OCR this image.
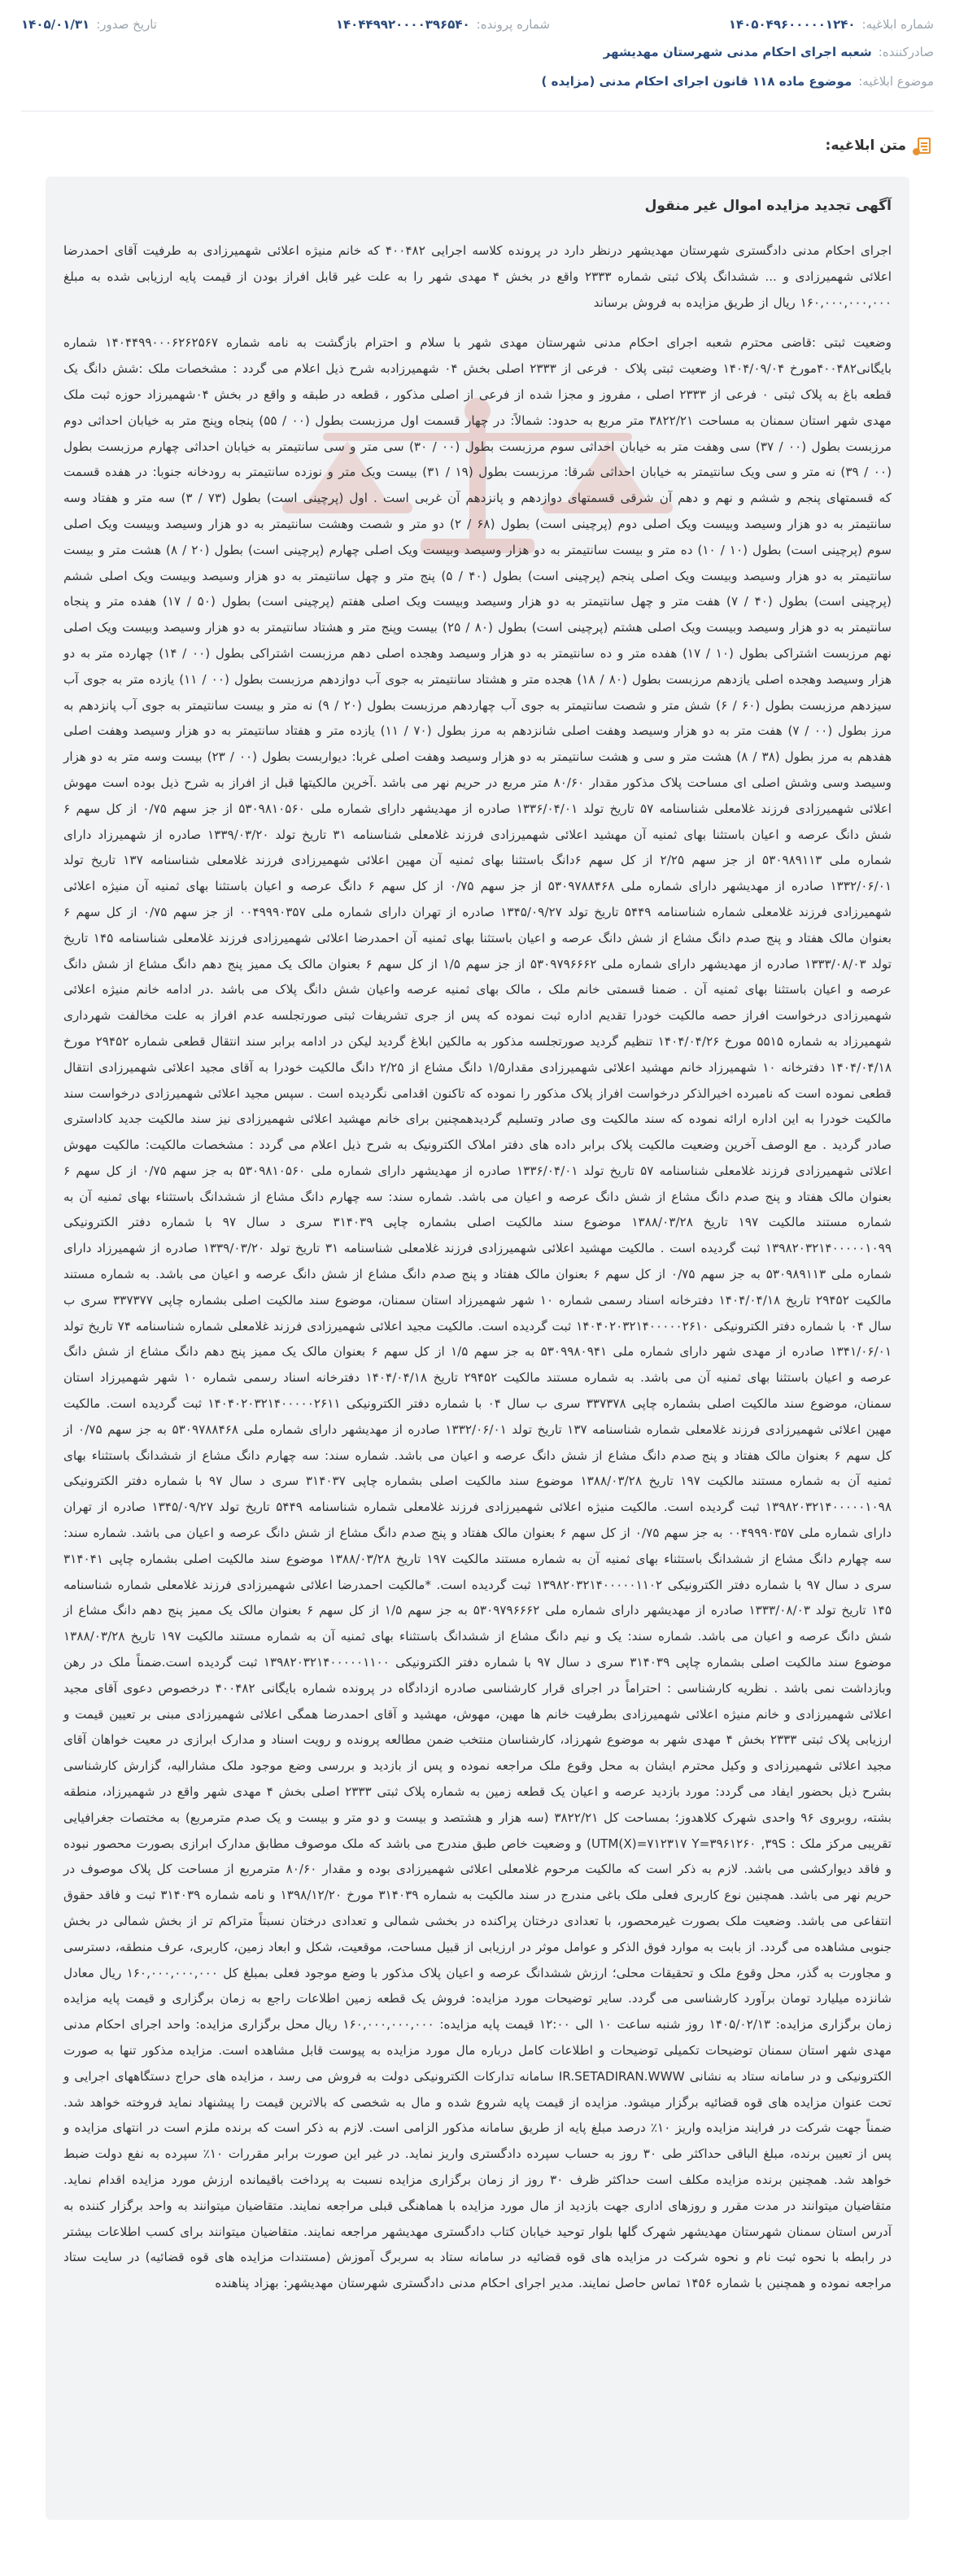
شماره ابلاغیه:
۱۴۰۵۰۴۹۶۰۰۰۰۰۱۲۴۰
شماره پرونده:
۱۴۰۴۴۹۹۲۰۰۰۰۳۹۶۵۴۰
تاریخ صدور:
۱۴۰۵/۰۱/۳۱
صادرکننده:
شعبه اجرای احکام مدنی شهرستان مهدیشهر
موضوع ابلاغیه:
موضوع ماده ۱۱۸ قانون اجرای احکام مدنی (مزایده )
متن ابلاغیه:
آگهی تجدید مزایده اموال غیر منقول

اجرای احکام مدنی دادگستری شهرستان مهدیشهر درنظر دارد در پرونده کلاسه اجرایی ۴۰۰۴۸۲ که خانم منیژه اعلائی شهمیرزادی به طرفیت آقای احمدرضا اعلائی شهمیرزادی و ... ششدانگ پلاک ثبتی شماره ۲۳۳۳ واقع در بخش ۴ مهدی شهر را به علت غیر قابل افراز بودن از قیمت پایه ارزیابی شده به مبلغ ۱۶۰,۰۰۰,۰۰۰,۰۰۰ ریال از طریق مزایده به فروش برساند

وضعیت ثبتی :قاضی محترم شعبه اجرای احکام مدنی شهرستان مهدی شهر با سلام و احترام بازگشت به نامه شماره ۱۴۰۴۴۹۹۰۰۰۶۲۶۲۵۶۷ شماره بایگانی۴۰۰۴۸۲مورخ ۱۴۰۴/۰۹/۰۴ وضعیت ثبتی پلاک ۰ فرعی از ۲۳۳۳ اصلی بخش ۰۴ شهمیرزادبه شرح ذیل اعلام می گردد : مشخصات ملک :شش دانگ یک قطعه باغ به پلاک ثبتی ۰ فرعی از ۲۳۳۳ اصلی ، مفروز و مجزا شده از فرعی از اصلی مذکور ، قطعه در طبقه و واقع در بخش ۰۴شهمیرزاد حوزه ثبت ملک مهدی شهر استان سمنان به مساحت ۳۸۲۲/۲۱ متر مربع به حدود: شمالاً: در چهار قسمت اول مرزبست بطول (۰۰ / ۵۵) پنجاه وپنج متر به خیابان احداثی دوم مرزبست بطول (۰۰ / ۳۷) سی وهفت متر به خیابان احداثی سوم مرزبست بطول (۰۰ / ۳۰) سی متر و سی سانتیمتر به خیابان احداثی چهارم مرزبست بطول (۰۰ / ۳۹) نه متر و سی ویک سانتیمتر به خیابان احداثی شرقا: مرزبست بطول (۱۹ / ۳۱) بیست ویک متر و نوزده سانتیمتر به رودخانه جنوبا: در هفده قسمت که قسمتهای پنجم و ششم و نهم و دهم آن شرقی قسمتهای دوازدهم و پانزدهم آن غربی است . اول (پرچینی است) بطول (۷۳ / ۳) سه متر و هفتاد وسه سانتیمتر به دو هزار وسیصد وبیست ویک اصلی دوم (پرچینی است) بطول (۶۸ / ۲) دو متر و شصت وهشت سانتیمتر به دو هزار وسیصد وبیست ویک اصلی سوم (پرچینی است) بطول (۱۰ / ۱۰) ده متر و بیست سانتیمتر به دو هزار وسیصد وبیست ویک اصلی چهارم (پرچینی است) بطول (۲۰ / ۸) هشت متر و بیست سانتیمتر به دو هزار وسیصد وبیست ویک اصلی پنجم (پرچینی است) بطول (۴۰ / ۵) پنج متر و چهل سانتیمتر به دو هزار وسیصد وبیست ویک اصلی ششم (پرچینی است) بطول (۴۰ / ۷) هفت متر و چهل سانتیمتر به دو هزار وسیصد وبیست ویک اصلی هفتم (پرچینی است) بطول (۵۰ / ۱۷) هفده متر و پنجاه سانتیمتر به دو هزار وسیصد وبیست ویک اصلی هشتم (پرچینی است) بطول (۸۰ / ۲۵) بیست وپنج متر و هشتاد سانتیمتر به دو هزار وسیصد وبیست ویک اصلی نهم مرزبست اشتراکی بطول (۱۰ / ۱۷) هفده متر و ده سانتیمتر به دو هزار وسیصد وهجده اصلی دهم مرزبست اشتراکی بطول (۰۰ / ۱۴) چهارده متر به دو هزار وسیصد وهجده اصلی یازدهم مرزبست بطول (۸۰ / ۱۸) هجده متر و هشتاد سانتیمتر به جوی آب دوازدهم مرزبست بطول (۰۰ / ۱۱) یازده متر به جوی آب سیزدهم مرزبست بطول (۶۰ / ۶) شش متر و شصت سانتیمتر به جوی آب چهاردهم مرزبست بطول (۲۰ / ۹) نه متر و بیست سانتیمتر به جوی آب پانزدهم به مرز بطول (۰۰ / ۷) هفت متر به دو هزار وسیصد وهفت اصلی شانزدهم به مرز بطول (۷۰ / ۱۱) یازده متر و هفتاد سانتیمتر به دو هزار وسیصد وهفت اصلی هفدهم به مرز بطول (۳۸ / ۸) هشت متر و سی و هشت سانتیمتر به دو هزار وسیصد وهفت اصلی غربا: دیواربست بطول (۰۰ / ۲۳) بیست وسه متر به دو هزار وسیصد وسی وشش اصلی ای مساحت پلاک مذکور مقدار ۸۰/۶۰ متر مربع در حریم نهر می باشد .آخرین مالکیتها قبل از افراز به شرح ذیل بوده است مهوش اعلائی شهمیرزادی فرزند غلامعلی شناسنامه ۵۷ تاریخ تولد ۱۳۳۶/۰۴/۰۱ صادره از مهدیشهر دارای شماره ملی ۵۳۰۹۸۱۰۵۶۰ از جز سهم ۰/۷۵ از کل سهم ۶ شش دانگ عرصه و اعیان باستثنا بهای ثمنیه آن مهشید اعلائی شهمیرزادی فرزند غلامعلی شناسنامه ۳۱ تاریخ تولد ۱۳۳۹/۰۳/۲۰ صادره از شهمیرزاد دارای شماره ملی ۵۳۰۹۸۹۱۱۳ از جز سهم ۲/۲۵ از کل سهم ۶دانگ باستثنا بهای ثمنیه آن مهین اعلائی شهمیرزادی فرزند غلامعلی شناسنامه ۱۳۷ تاریخ تولد ۱۳۳۲/۰۶/۰۱ صادره از مهدیشهر دارای شماره ملی ۵۳۰۹۷۸۸۴۶۸ از جز سهم ۰/۷۵ از کل سهم ۶ دانگ عرصه و اعیان باستثنا بهای ثمنیه آن منیژه اعلائی شهمیرزادی فرزند غلامعلی شماره شناسنامه ۵۴۴۹ تاریخ تولد ۱۳۴۵/۰۹/۲۷ صادره از تهران دارای شماره ملی ۰۰۴۹۹۹۰۳۵۷ از جز سهم ۰/۷۵ از کل سهم ۶ بعنوان مالک هفتاد و پنج صدم دانگ مشاع از شش دانگ عرصه و اعیان باستثنا بهای ثمنیه آن احمدرضا اعلائی شهمیرزادی فرزند غلامعلی شناسنامه ۱۴۵ تاریخ تولد ۱۳۳۳/۰۸/۰۳ صادره از مهدیشهر دارای شماره ملی ۵۳۰۹۷۹۶۶۶۲ از جز سهم ۱/۵ از کل سهم ۶ بعنوان مالک یک ممیز پنج دهم دانگ مشاع از شش دانگ عرصه و اعیان باستثنا بهای ثمنیه آن . ضمنا قسمتی خانم ملک ، مالک بهای ثمنیه عرصه واعیان شش دانگ پلاک می باشد .در ادامه خانم منیژه اعلائی شهمیرزادی درخواست افراز حصه مالکیت خودرا تقدیم اداره ثبت نموده که پس از جری تشریفات ثبتی صورتجلسه عدم افراز به علت مخالفت شهرداری شهمیرزاد به شماره ۵۵۱۵ مورخ ۱۴۰۴/۰۴/۲۶ تنظیم گردید صورتجلسه مذکور به مالکین ابلاغ گردید لیکن در ادامه برابر سند انتقال قطعی شماره ۲۹۴۵۲ مورخ ۱۴۰۴/۰۴/۱۸ دفترخانه ۱۰ شهمیرزاد خانم مهشید اعلائی شهمیرزادی مقدار۱/۵ دانگ مشاع از ۲/۲۵ دانگ مالکیت خودرا به آقای مجید اعلائی شهمیرزادی انتقال قطعی نموده است که نامبرده اخیرالذکر درخواست افراز پلاک مذکور را نموده که تاکنون اقدامی نگردیده است . سپس مجید اعلائی شهمیرزادی درخواست سند مالکیت خودرا به این اداره ارائه نموده که سند مالکیت وی صادر وتسلیم گردیدهمچنین برای خانم مهشید اعلائی شهمیرزادی نیز سند مالکیت جدید کاداستری صادر گردید . مع الوصف آخرین وضعیت مالکیت پلاک برابر داده های دفتر املاک الکترونیک به شرح ذیل اعلام می گردد : مشخصات مالکیت: مالکیت مهوش اعلائی شهمیرزادی فرزند غلامعلی شناسنامه ۵۷ تاریخ تولد ۱۳۳۶/۰۴/۰۱ صادره از مهدیشهر دارای شماره ملی ۵۳۰۹۸۱۰۵۶۰ به جز سهم ۰/۷۵ از کل سهم ۶ بعنوان مالک هفتاد و پنج صدم دانگ مشاع از شش دانگ عرصه و اعیان می باشد. شماره سند: سه چهارم دانگ مشاع از ششدانگ باستثناء بهای ثمنیه آن به شماره مستند مالکیت ۱۹۷ تاریخ ۱۳۸۸/۰۳/۲۸ موضوع سند مالکیت اصلی بشماره چاپی ۳۱۴۰۳۹ سری د سال ۹۷ با شماره دفتر الکترونیکی ۱۳۹۸۲۰۳۲۱۴۰۰۰۰۰۱۰۹۹ ثبت گردیده است . مالکیت مهشید اعلائی شهمیرزادی فرزند غلامعلی شناسنامه ۳۱ تاریخ تولد ۱۳۳۹/۰۳/۲۰ صادره از شهمیرزاد دارای شماره ملی ۵۳۰۹۸۹۱۱۳ به جز سهم ۰/۷۵ از کل سهم ۶ بعنوان مالک هفتاد و پنج صدم دانگ مشاع از شش دانگ عرصه و اعیان می باشد. به شماره مستند مالکیت ۲۹۴۵۲ تاریخ ۱۴۰۴/۰۴/۱۸ دفترخانه اسناد رسمی شماره ۱۰ شهر شهمیرزاد استان سمنان، موضوع سند مالکیت اصلی بشماره چاپی ۳۳۷۳۷۷ سری ب سال ۰۴ با شماره دفتر الکترونیکی ۱۴۰۴۰۲۰۳۲۱۴۰۰۰۰۰۲۶۱۰ ثبت گردیده است. مالکیت مجید اعلائی شهمیرزادی فرزند غلامعلی شماره شناسنامه ۷۴ تاریخ تولد ۱۳۴۱/۰۶/۰۱ صادره از مهدی شهر دارای شماره ملی ۵۳۰۹۹۸۰۹۴۱ به جز سهم ۱/۵ از کل سهم ۶ بعنوان مالک یک ممیز پنج دهم دانگ مشاع از شش دانگ عرصه و اعیان باستثنا بهای ثمنیه آن می باشد. به شماره مستند مالکیت ۲۹۴۵۲ تاریخ ۱۴۰۴/۰۴/۱۸ دفترخانه اسناد رسمی شماره ۱۰ شهر شهمیرزاد استان سمنان، موضوع سند مالکیت اصلی بشماره چاپی ۳۳۷۳۷۸ سری ب سال ۰۴ با شماره دفتر الکترونیکی ۱۴۰۴۰۲۰۳۲۱۴۰۰۰۰۰۲۶۱۱ ثبت گردیده است. مالکیت مهین اعلائی شهمیرزادی فرزند غلامعلی شماره شناسنامه ۱۳۷ تاریخ تولد ۱۳۳۲/۰۶/۰۱ صادره از مهدیشهر دارای شماره ملی ۵۳۰۹۷۸۸۴۶۸ به جز سهم ۰/۷۵ از کل سهم ۶ بعنوان مالک هفتاد و پنج صدم دانگ مشاع از شش دانگ عرصه و اعیان می باشد. شماره سند: سه چهارم دانگ مشاع از ششدانگ باستثناء بهای ثمنیه آن به شماره مستند مالکیت ۱۹۷ تاریخ ۱۳۸۸/۰۳/۲۸ موضوع سند مالکیت اصلی بشماره چاپی ۳۱۴۰۳۷ سری د سال ۹۷ با شماره دفتر الکترونیکی ۱۳۹۸۲۰۳۲۱۴۰۰۰۰۰۱۰۹۸ ثبت گردیده است. مالکیت منیژه اعلائی شهمیرزادی فرزند غلامعلی شماره شناسنامه ۵۴۴۹ تاریخ تولد ۱۳۴۵/۰۹/۲۷ صادره از تهران دارای شماره ملی ۰۰۴۹۹۹۰۳۵۷ به جز سهم ۰/۷۵ از کل سهم ۶ بعنوان مالک هفتاد و پنج صدم دانگ مشاع از شش دانگ عرصه و اعیان می باشد. شماره سند: سه چهارم دانگ مشاع از ششدانگ باستثناء بهای ثمنیه آن به شماره مستند مالکیت ۱۹۷ تاریخ ۱۳۸۸/۰۳/۲۸ موضوع سند مالکیت اصلی بشماره چاپی ۳۱۴۰۴۱ سری د سال ۹۷ با شماره دفتر الکترونیکی ۱۳۹۸۲۰۳۲۱۴۰۰۰۰۰۱۱۰۲ ثبت گردیده است. *مالکیت احمدرضا اعلائی شهمیرزادی فرزند غلامعلی شماره شناسنامه ۱۴۵ تاریخ تولد ۱۳۳۳/۰۸/۰۳ صادره از مهدیشهر دارای شماره ملی ۵۳۰۹۷۹۶۶۶۲ به جز سهم ۱/۵ از کل سهم ۶ بعنوان مالک یک ممیز پنج دهم دانگ مشاع از شش دانگ عرصه و اعیان می باشد. شماره سند: یک و نیم دانگ مشاع از ششدانگ باستثناء بهای ثمنیه آن به شماره مستند مالکیت ۱۹۷ تاریخ ۱۳۸۸/۰۳/۲۸ موضوع سند مالکیت اصلی بشماره چاپی ۳۱۴۰۳۹ سری د سال ۹۷ با شماره دفتر الکترونیکی ۱۳۹۸۲۰۳۲۱۴۰۰۰۰۰۱۱۰۰ ثبت گردیده است.ضمناً ملک در رهن وبازداشت نمی باشد . نظریه کارشناسی : احتراماً در اجرای قرار کارشناسی صادره ازدادگاه در پرونده شماره بایگانی ۴۰۰۴۸۲ درخصوص دعوی آقای مجید اعلائی شهمیرزادی و خانم منیژه اعلائی شهمیرزادی بطرفیت خانم ها مهین، مهوش، مهشید و آقای احمدرضا همگی اعلائی شهمیرزادی مبنی بر تعیین قیمت و ارزیابی پلاک ثبتی ۲۳۳۳ بخش ۴ مهدی شهر به موضوع شهرزاد، کارشناسان منتخب ضمن مطالعه پرونده و رویت اسناد و مدارک ابرازی در معیت خواهان آقای مجید اعلائی شهمیرزادی و وکیل محترم ایشان به محل وقوع ملک مراجعه نموده و پس از بازدید و بررسی وضع موجود ملک مشاراليه، گزارش کارشناسی بشرح ذیل بحضور ایفاد می گردد: مورد بازدید عرصه و اعیان یک قطعه زمین به شماره پلاک ثبتی ۲۳۳۳ اصلی بخش ۴ مهدی شهر واقع در شهمیرزاد، منطقه بشته، روبروی ۹۶ واحدی شهرک کلاهدوز؛ بمساحت کل ۳۸۲۲/۲۱ (سه هزار و هشتصد و بیست و دو متر و بیست و یک صدم مترمربع) به مختصات جغرافیایی تقریبی مرکز ملک : UTM(X)=۷۱۲۳۱۷ Y=۳۹۶۱۲۶۰ ,۳۹S) و وضعیت خاص طبق مندرج می باشد که ملک موصوف مطابق مدارک ابرازی بصورت محصور نبوده و فاقد دیوارکشی می باشد. لازم به ذکر است که مالکیت مرحوم غلامعلی اعلائی شهمیرزادی بوده و مقدار ۸۰/۶۰ مترمربع از مساحت کل پلاک موصوف در حریم نهر می باشد. همچنین نوع کاربری فعلی ملک باغی مندرج در سند مالکیت به شماره ۳۱۴۰۳۹ مورخ ۱۳۹۸/۱۲/۲۰ و نامه شماره ۳۱۴۰۳۹ ثبت و فاقد حقوق انتفاعی می باشد. وضعیت ملک بصورت غیرمحصور، با تعدادی درختان پراکنده در بخشی شمالی و تعدادی درختان نسبتاً متراکم تر از بخش شمالی در بخش جنوبی مشاهده می گردد. از بابت به موارد فوق الذکر و عوامل موثر در ارزیابی از قبیل مساحت، موقعیت، شکل و ابعاد زمین، کاربری، عرف منطقه، دسترسی و مجاورت به گذر، محل وقوع ملک و تحقیقات محلی؛ ارزش ششدانگ عرصه و اعیان پلاک مذکور با وضع موجود فعلی بمبلغ کل ۱۶۰,۰۰۰,۰۰۰,۰۰۰ ریال معادل شانزده میلیارد تومان برآورد کارشناسی می گردد. سایر توضیحات مورد مزایده: فروش یک قطعه زمین اطلاعات راجع به زمان برگزاری و قیمت پایه مزایده زمان برگزاری مزایده: ۱۴۰۵/۰۲/۱۳ روز شنبه ساعت ۱۰ الی ۱۲:۰۰ قیمت پایه مزایده: ۱۶۰,۰۰۰,۰۰۰,۰۰۰ ریال محل برگزاری مزایده: واحد اجرای احکام مدنی مهدی شهر استان سمنان توضیحات تکمیلی توضیحات و اطلاعات کامل درباره مال مورد مزایده به پیوست قابل مشاهده است. مزایده مذکور تنها به صورت الکترونیکی و در سامانه ستاد به نشانی IR.SETADIRAN.WWW سامانه تدارکات الکترونیکی دولت به فروش می رسد ، مزایده های حراج دستگاههای اجرایی و تحت عنوان مزایده های قوه قضائیه برگزار میشود. مزایده از قیمت پایه شروع شده و مال به شخصی که بالاترین قیمت را پیشنهاد نماید فروخته خواهد شد. ضمناً جهت شرکت در فرایند مزایده واریز ۱۰٪ درصد مبلغ پایه از طریق سامانه مذکور الزامی است. لازم به ذکر است که برنده ملزم است در انتهای مزایده و پس از تعیین برنده، مبلغ الباقی حداکثر طی ۳۰ روز به حساب سپرده دادگستری واریز نماید. در غیر این صورت برابر مقررات ۱۰٪ سپرده به نفع دولت ضبط خواهد شد. همچنین برنده مزایده مکلف است حداکثر ظرف ۳۰ روز از زمان برگزاری مزایده نسبت به پرداخت باقیمانده ارزش مورد مزایده اقدام نماید. متقاضیان میتوانند در مدت مقرر و روزهای اداری جهت بازدید از مال مورد مزایده با هماهنگی قبلی مراجعه نمایند. متقاضیان میتوانند به واحد برگزار کننده به آدرس استان سمنان شهرستان مهدیشهر شهرک گلها بلوار توحید خیابان کتاب دادگستری مهدیشهر مراجعه نمایند. متقاضیان میتوانند برای کسب اطلاعات بیشتر در رابطه با نحوه ثبت نام و نحوه شرکت در مزایده های قوه قضائیه در سامانه ستاد به سربرگ آموزش (مستندات مزایده های قوه قضائیه) در سایت ستاد مراجعه نموده و همچنین با شماره ۱۴۵۶ تماس حاصل نمایند. مدیر اجرای احکام مدنی دادگستری شهرستان مهدیشهر: بهزاد پناهنده
